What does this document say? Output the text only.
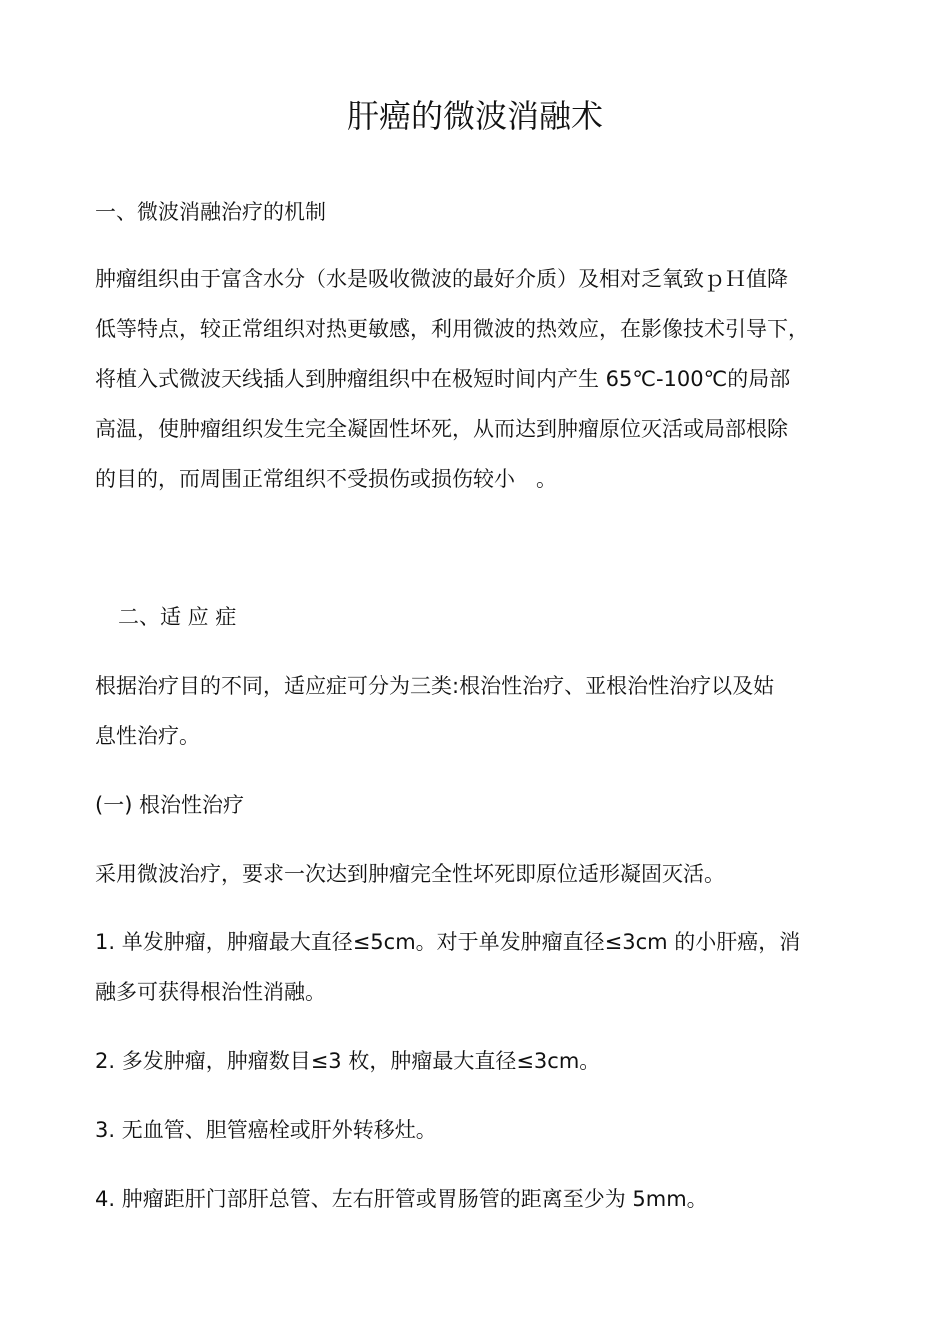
肝癌的微波消融术

一、微波消融治疗的机制

肿瘤组织由于富含水分（水是吸收微波的最好介质）及相对乏氧致ｐＨ值降
低等特点，较正常组织对热更敏感，利用微波的热效应，在影像技术引导下，
将植入式微波天线插人到肿瘤组织中在极短时间内产生 65℃-100℃的局部
高温，使肿瘤组织发生完全凝固性坏死，从而达到肿瘤原位灭活或局部根除
的目的，而周围正常组织不受损伤或损伤较小　。

二、适 应 症

根据治疗目的不同，适应症可分为三类:根治性治疗、亚根治性治疗以及姑
息性治疗。

(一) 根治性治疗

采用微波治疗，要求一次达到肿瘤完全性坏死即原位适形凝固灭活。

1. 单发肿瘤，肿瘤最大直径≤5cm。对于单发肿瘤直径≤3cm 的小肝癌，消
融多可获得根治性消融。

2. 多发肿瘤，肿瘤数目≤3 枚，肿瘤最大直径≤3cm。

3. 无血管、胆管癌栓或肝外转移灶。

4. 肿瘤距肝门部肝总管、左右肝管或胃肠管的距离至少为 5mm。
